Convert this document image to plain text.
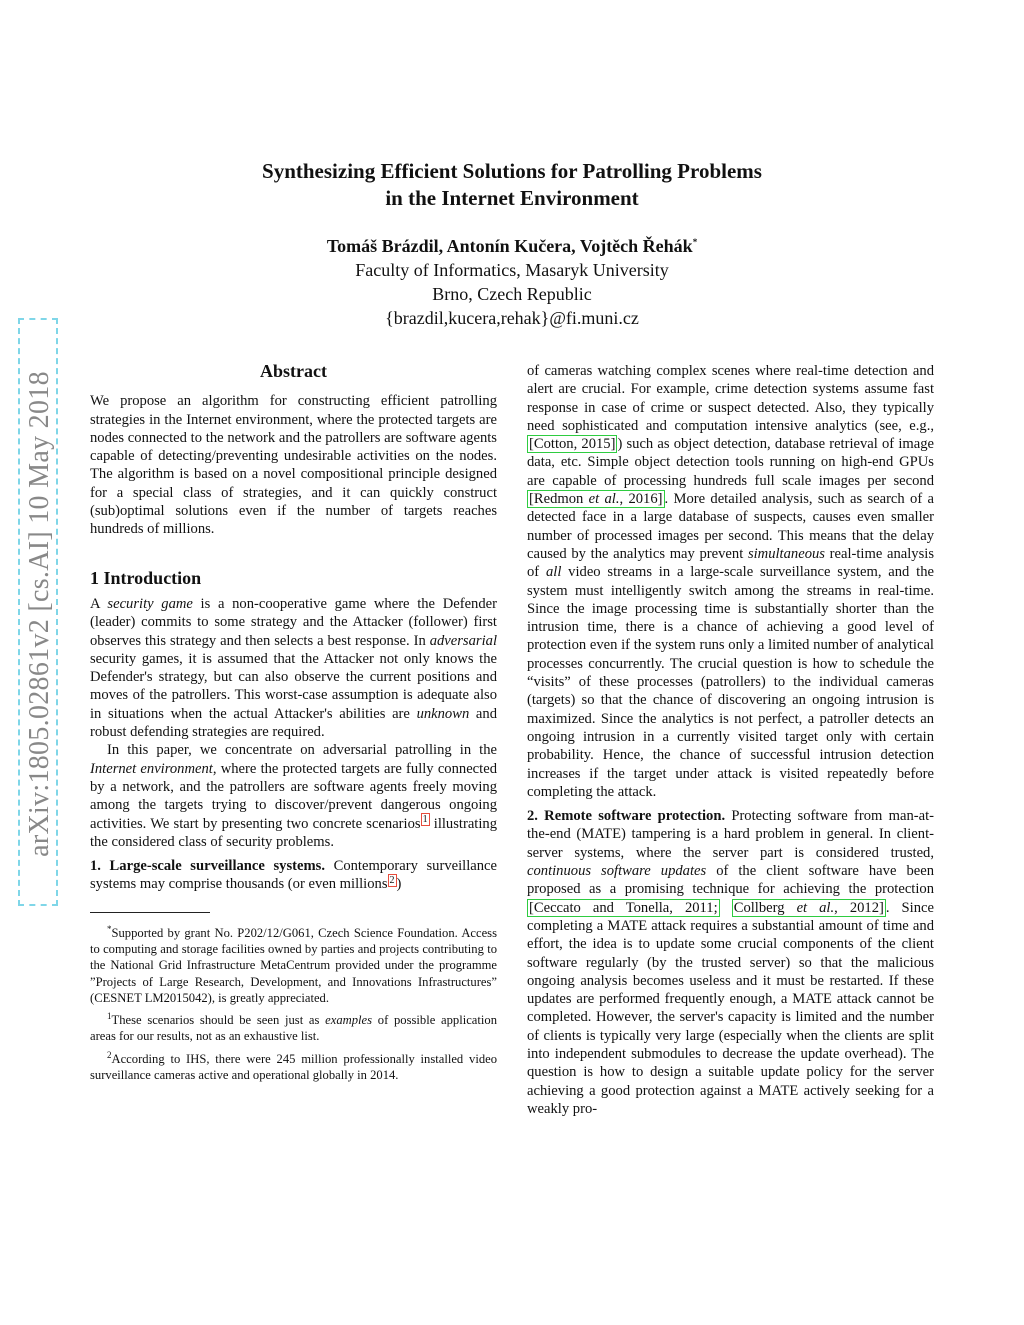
Synthesizing Efficient Solutions for Patrolling Problems
in the Internet Environment
Tomáš Brázdil, Antonín Kučera, Vojtěch Řehák*
Faculty of Informatics, Masaryk University
Brno, Czech Republic
{brazdil,kucera,rehak}@fi.muni.cz
arXiv:1805.02861v2 [cs.AI] 10 May 2018
Abstract

We propose an algorithm for constructing efficient patrolling strategies in the Internet environment, where the protected targets are nodes connected to the network and the patrollers are software agents capable of detecting/preventing undesirable activities on the nodes. The algorithm is based on a novel compositional principle designed for a special class of strategies, and it can quickly construct (sub)optimal solutions even if the number of targets reaches hundreds of millions.

1 Introduction

A security game is a non-cooperative game where the Defender (leader) commits to some strategy and the Attacker (follower) first observes this strategy and then selects a best response. In adversarial security games, it is assumed that the Attacker not only knows the Defender's strategy, but can also observe the current positions and moves of the patrollers. This worst-case assumption is adequate also in situations when the actual Attacker's abilities are unknown and robust defending strategies are required.

In this paper, we concentrate on adversarial patrolling in the Internet environment, where the protected targets are fully connected by a network, and the patrollers are software agents freely moving among the targets trying to discover/prevent dangerous ongoing activities. We start by presenting two concrete scenarios $^1$ illustrating the considered class of security problems.

1. Large-scale surveillance systems. Contemporary surveillance systems may comprise thousands (or even millions $^2$ )

*Supported by grant No. P202/12/G061, Czech Science Foundation. Access to computing and storage facilities owned by parties and projects contributing to the National Grid Infrastructure MetaCentrum provided under the programme ”Projects of Large Research, Development, and Innovations Infrastructures” (CESNET LM2015042), is greatly appreciated.

$^1$These scenarios should be seen just as examples of possible application areas for our results, not as an exhaustive list.

$^2$According to IHS, there were 245 million professionally installed video surveillance cameras active and operational globally in 2014.

of cameras watching complex scenes where real-time detection and alert are crucial. For example, crime detection systems assume fast response in case of crime or suspect detected. Also, they typically need sophisticated and computation intensive analytics (see, e.g., [Cotton, 2015] ) such as object detection, database retrieval of image data, etc. Simple object detection tools running on high-end GPUs are capable of processing hundreds full scale images per second [Redmon et al., 2016] . More detailed analysis, such as search of a detected face in a large database of suspects, causes even smaller number of processed images per second. This means that the delay caused by the analytics may prevent simultaneous real-time analysis of all video streams in a large-scale surveillance system, and the system must intelligently switch among the streams in real-time. Since the image processing time is substantially shorter than the intrusion time, there is a chance of achieving a good level of protection even if the system runs only a limited number of analytical processes concurrently. The crucial question is how to schedule the “visits” of these processes (patrollers) to the individual cameras (targets) so that the chance of discovering an ongoing intrusion is maximized. Since the analytics is not perfect, a patroller detects an ongoing intrusion in a currently visited target only with certain probability. Hence, the chance of successful intrusion detection increases if the target under attack is visited repeatedly before completing the attack.

2. Remote software protection. Protecting software from man-at-the-end (MATE) tampering is a hard problem in general. In client-server systems, where the server part is considered trusted, continuous software updates of the client software have been proposed as a promising technique for achieving the protection [Ceccato and Tonella, 2011; Collberg et al., 2012] . Since completing a MATE attack requires a substantial amount of time and effort, the idea is to update some crucial components of the client software regularly (by the trusted server) so that the malicious ongoing analysis becomes useless and it must be restarted. If these updates are performed frequently enough, a MATE attack cannot be completed. However, the server's capacity is limited and the number of clients is typically very large (especially when the clients are split into independent submodules to decrease the update overhead). The question is how to design a suitable update policy for the server achieving a good protection against a MATE actively seeking for a weakly pro-
